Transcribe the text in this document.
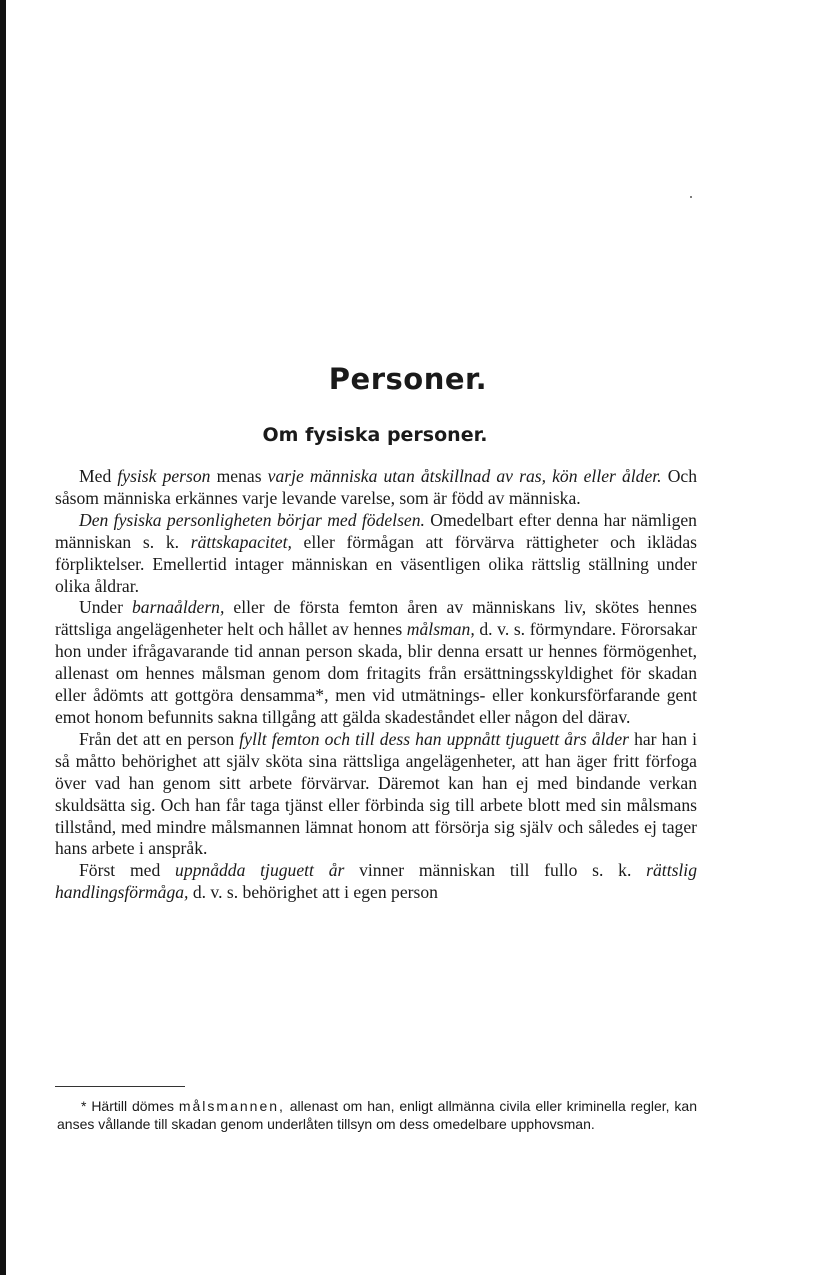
Personer.
Om fysiska personer.

Med fysisk person menas varje människa utan åtskillnad av ras, kön eller ålder. Och såsom människa erkännes varje levande varelse, som är född av människa.

Den fysiska personligheten börjar med födelsen. Omedelbart efter denna har nämligen människan s. k. rättskapacitet, eller förmågan att förvärva rättigheter och iklädas förpliktelser. Emellertid intager människan en väsentligen olika rättslig ställning under olika åldrar.

Under barnaåldern, eller de första femton åren av människans liv, skötes hennes rättsliga angelägenheter helt och hållet av hennes målsman, d. v. s. förmyndare. Förorsakar hon under ifrågavarande tid annan person skada, blir denna ersatt ur hennes förmögenhet, allenast om hennes målsman genom dom fritagits från ersättningsskyldighet för skadan eller ådömts att gottgöra densamma*, men vid utmätnings- eller konkursförfarande gent emot honom befunnits sakna tillgång att gälda skadeståndet eller någon del därav.

Från det att en person fyllt femton och till dess han uppnått tjuguett års ålder har han i så måtto behörighet att själv sköta sina rättsliga angelägenheter, att han äger fritt förfoga över vad han genom sitt arbete förvärvar. Däremot kan han ej med bindande verkan skuldsätta sig. Och han får taga tjänst eller förbinda sig till arbete blott med sin målsmans tillstånd, med mindre målsmannen lämnat honom att försörja sig själv och således ej tager hans arbete i anspråk.

Först med uppnådda tjuguett år vinner människan till fullo s. k. rättslig handlingsförmåga, d. v. s. behörighet att i egen person

* Härtill dömes målsmannen, allenast om han, enligt allmänna civila eller kriminella regler, kan anses vållande till skadan genom underlåten tillsyn om dess omedelbare upphovsman.
